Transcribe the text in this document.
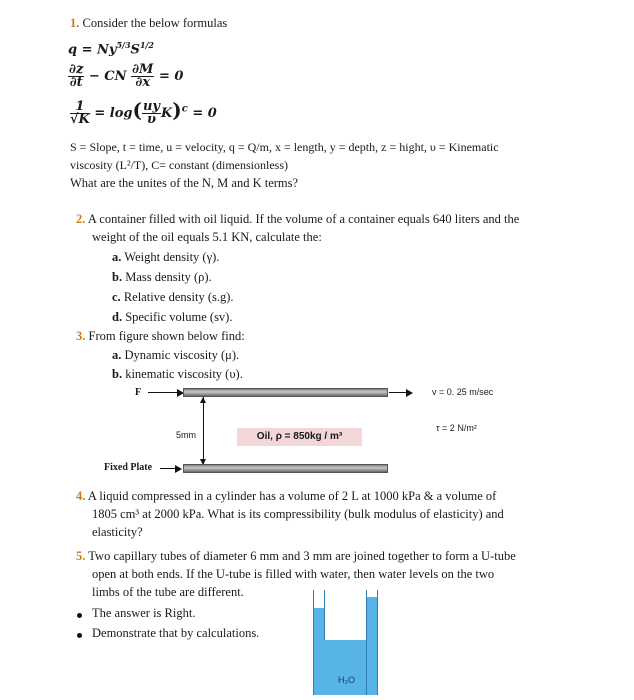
1. Consider the below formulas
$q = Ny^{5/3}S^{1/2}$
$\frac{\partial z}{\partial t}$ − CN $\frac{\partial M}{\partial x} = 0$
$\frac{1}{√K} = \log( \frac{uy}{\upsilon} K)^c = 0$
S = Slope, t = time, u = velocity, q = Q/m, x = length, y = depth, z = hight, υ = Kinematic
viscosity (L²/T), C= constant (dimensionless)
What are the unites of the N, M and K terms?
2. A container filled with oil liquid. If the volume of a container equals 640 liters and the
weight of the oil equals 5.1 KN, calculate the:
a. Weight density (γ).
b. Mass density (ρ).
c. Relative density (s.g).
d. Specific volume (sv).
3. From figure shown below find:
a. Dynamic viscosity (μ).
b. kinematic viscosity (υ).
F	v = 0. 25 m/sec
τ = 2 N/m²
5mm	Oil, ρ = 850kg / m³
Fixed Plate
4. A liquid compressed in a cylinder has a volume of 2 L at 1000 kPa & a volume of
1805 cm³ at 2000 kPa. What is its compressibility (bulk modulus of elasticity) and
elasticity?
5. Two capillary tubes of diameter 6 mm and 3 mm are joined together to form a U-tube
open at both ends. If the U-tube is filled with water, then water levels on the two
limbs of the tube are different.
The answer is Right.
Demonstrate that by calculations.
H₂O
